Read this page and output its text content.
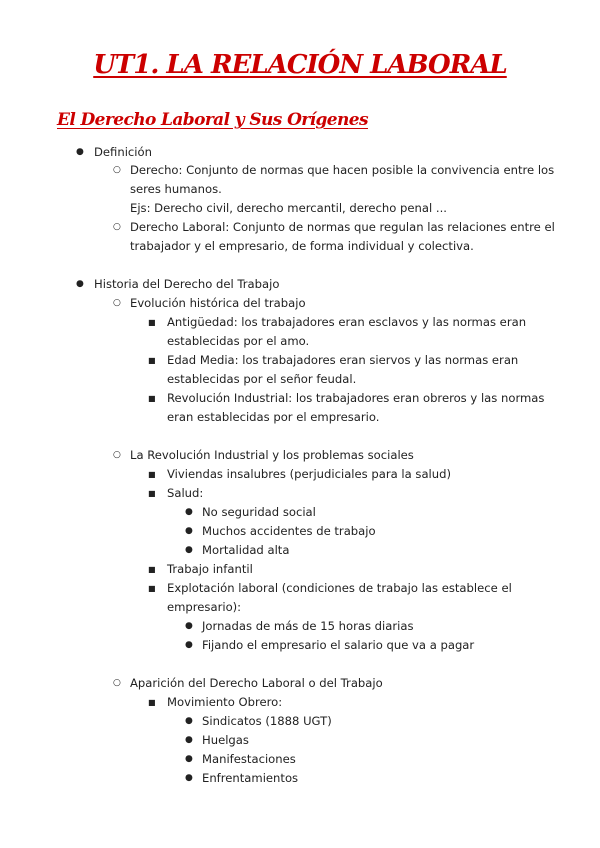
UT1. LA RELACIÓN LABORAL
El Derecho Laboral y Sus Orígenes
● Definición
○ Derecho: Conjunto de normas que hacen posible la convivencia entre los
seres humanos.
Ejs: Derecho civil, derecho mercantil, derecho penal ...
○ Derecho Laboral: Conjunto de normas que regulan las relaciones entre el
trabajador y el empresario, de forma individual y colectiva.
● Historia del Derecho del Trabajo
○ Evolución histórica del trabajo
■ Antigüedad: los trabajadores eran esclavos y las normas eran
establecidas por el amo.
■ Edad Media: los trabajadores eran siervos y las normas eran
establecidas por el señor feudal.
■ Revolución Industrial: los trabajadores eran obreros y las normas
eran establecidas por el empresario.
○ La Revolución Industrial y los problemas sociales
■ Viviendas insalubres (perjudiciales para la salud)
■ Salud:
● No seguridad social
● Muchos accidentes de trabajo
● Mortalidad alta
■ Trabajo infantil
■ Explotación laboral (condiciones de trabajo las establece el
empresario):
● Jornadas de más de 15 horas diarias
● Fijando el empresario el salario que va a pagar
○ Aparición del Derecho Laboral o del Trabajo
■ Movimiento Obrero:
● Sindicatos (1888 UGT)
● Huelgas
● Manifestaciones
● Enfrentamientos
